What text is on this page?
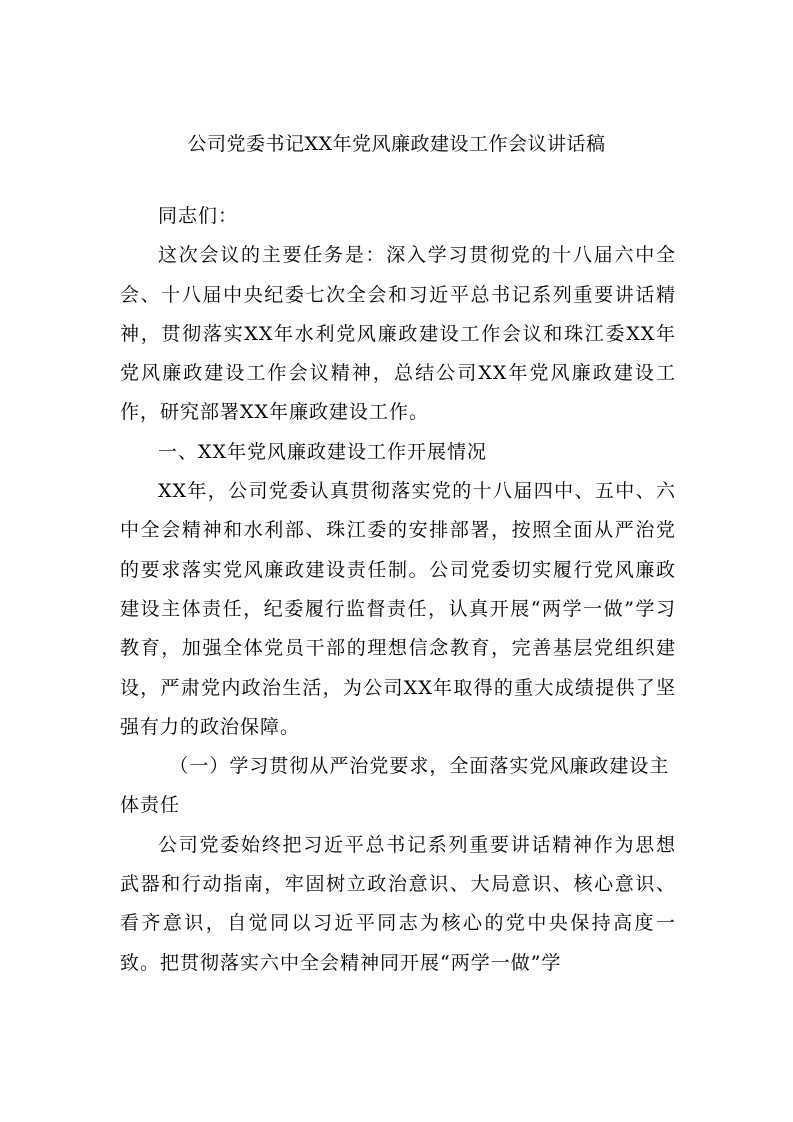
公司党委书记XX年党风廉政建设工作会议讲话稿

同志们：

这次会议的主要任务是：深入学习贯彻党的十八届六中全会、十八届中央纪委七次全会和习近平总书记系列重要讲话精神，贯彻落实XX年水利党风廉政建设工作会议和珠江委XX年党风廉政建设工作会议精神，总结公司XX年党风廉政建设工作，研究部署XX年廉政建设工作。

一、XX年党风廉政建设工作开展情况

XX年，公司党委认真贯彻落实党的十八届四中、五中、六中全会精神和水利部、珠江委的安排部署，按照全面从严治党的要求落实党风廉政建设责任制。公司党委切实履行党风廉政建设主体责任，纪委履行监督责任，认真开展“两学一做”学习教育，加强全体党员干部的理想信念教育，完善基层党组织建设，严肃党内政治生活，为公司XX年取得的重大成绩提供了坚强有力的政治保障。

（一）学习贯彻从严治党要求，全面落实党风廉政建设主体责任

公司党委始终把习近平总书记系列重要讲话精神作为思想武器和行动指南，牢固树立政治意识、大局意识、核心意识、看齐意识，自觉同以习近平同志为核心的党中央保持高度一致。把贯彻落实六中全会精神同开展“两学一做”学
